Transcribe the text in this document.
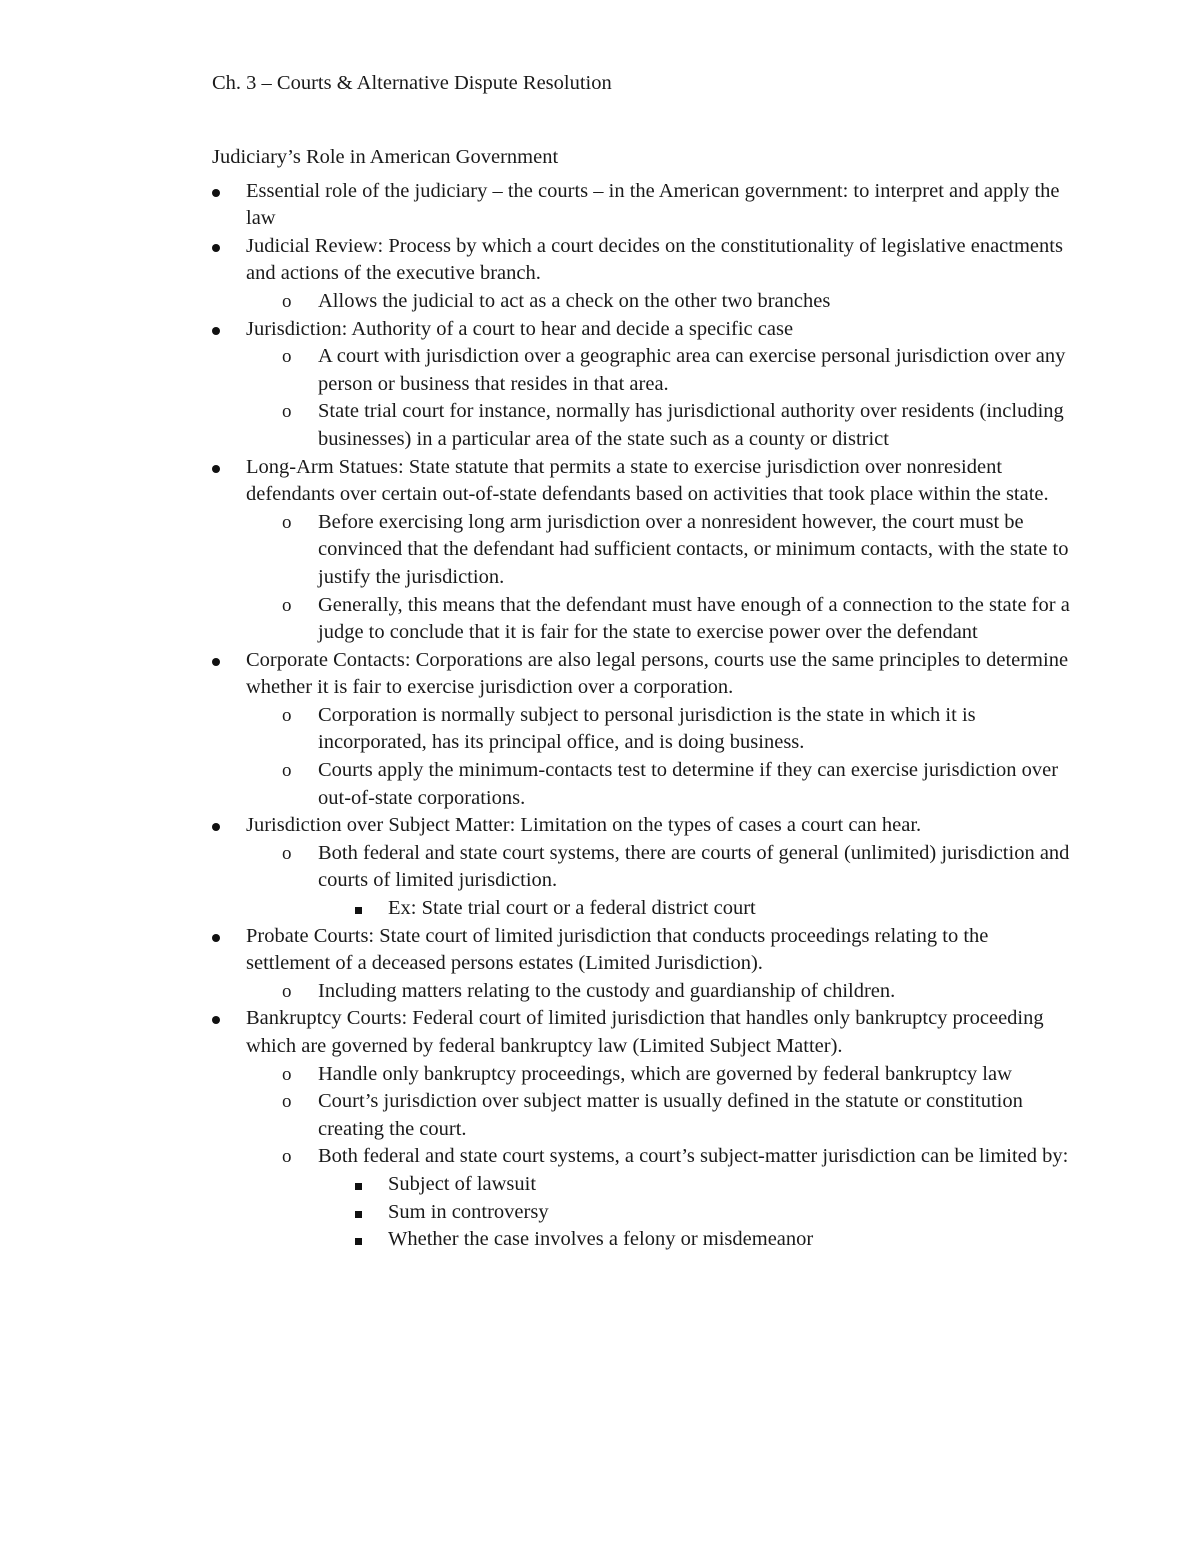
Ch. 3 – Courts & Alternative Dispute Resolution
Judiciary’s Role in American Government
Essential role of the judiciary – the courts – in the American government: to interpret and apply the law
Judicial Review: Process by which a court decides on the constitutionality of legislative enactments and actions of the executive branch.
o Allows the judicial to act as a check on the other two branches
Jurisdiction: Authority of a court to hear and decide a specific case
o A court with jurisdiction over a geographic area can exercise personal jurisdiction over any person or business that resides in that area.
o State trial court for instance, normally has jurisdictional authority over residents (including businesses) in a particular area of the state such as a county or district
Long-Arm Statues: State statute that permits a state to exercise jurisdiction over nonresident defendants over certain out-of-state defendants based on activities that took place within the state.
o Before exercising long arm jurisdiction over a nonresident however, the court must be convinced that the defendant had sufficient contacts, or minimum contacts, with the state to justify the jurisdiction.
o Generally, this means that the defendant must have enough of a connection to the state for a judge to conclude that it is fair for the state to exercise power over the defendant
Corporate Contacts: Corporations are also legal persons, courts use the same principles to determine whether it is fair to exercise jurisdiction over a corporation.
o Corporation is normally subject to personal jurisdiction is the state in which it is incorporated, has its principal office, and is doing business.
o Courts apply the minimum-contacts test to determine if they can exercise jurisdiction over out-of-state corporations.
Jurisdiction over Subject Matter: Limitation on the types of cases a court can hear.
o Both federal and state court systems, there are courts of general (unlimited) jurisdiction and courts of limited jurisdiction.
Ex: State trial court or a federal district court
Probate Courts: State court of limited jurisdiction that conducts proceedings relating to the settlement of a deceased persons estates (Limited Jurisdiction).
o Including matters relating to the custody and guardianship of children.
Bankruptcy Courts: Federal court of limited jurisdiction that handles only bankruptcy proceeding which are governed by federal bankruptcy law (Limited Subject Matter).
o Handle only bankruptcy proceedings, which are governed by federal bankruptcy law
o Court’s jurisdiction over subject matter is usually defined in the statute or constitution creating the court.
o Both federal and state court systems, a court’s subject-matter jurisdiction can be limited by:
Subject of lawsuit
Sum in controversy
Whether the case involves a felony or misdemeanor
